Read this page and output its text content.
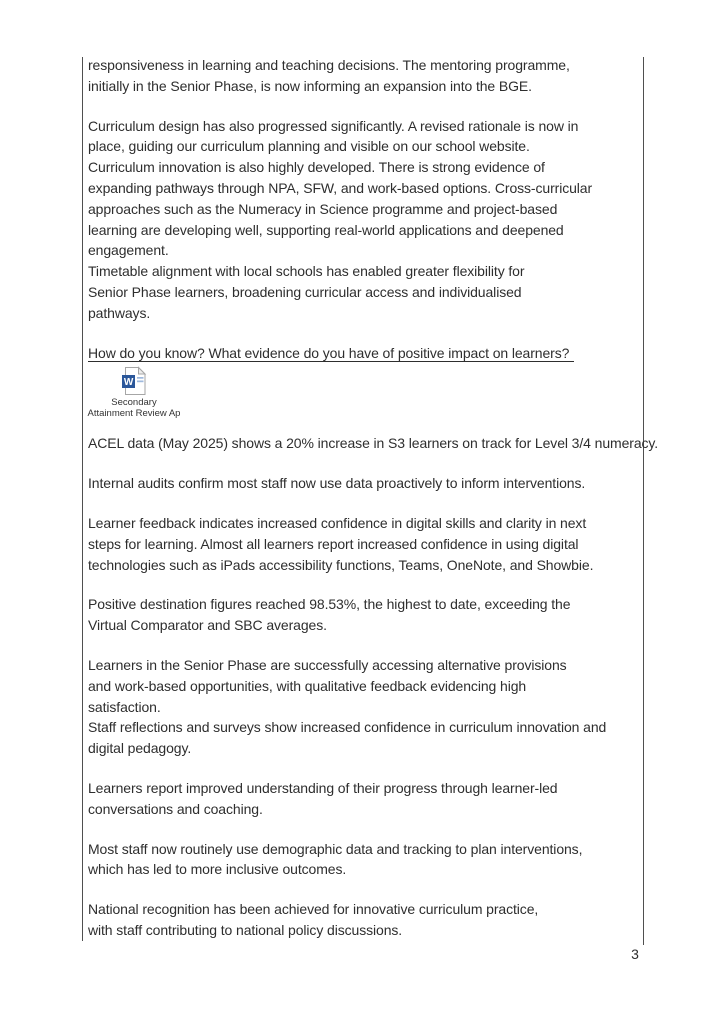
responsiveness in learning and teaching decisions. The mentoring programme,
initially in the Senior Phase, is now informing an expansion into the BGE.
Curriculum design has also progressed significantly. A revised rationale is now in
place, guiding our curriculum planning and visible on our school website.
Curriculum innovation is also highly developed. There is strong evidence of
expanding pathways through NPA, SFW, and work-based options. Cross-curricular
approaches such as the Numeracy in Science programme and project-based
learning are developing well, supporting real-world applications and deepened
engagement.
Timetable alignment with local schools has enabled greater flexibility for
Senior Phase learners, broadening curricular access and individualised
pathways.
How do you know? What evidence do you have of positive impact on learners?
W
Secondary
Attainment Review Ap
ACEL data (May 2025) shows a 20% increase in S3 learners on track for Level 3/4 numeracy.
Internal audits confirm most staff now use data proactively to inform interventions.
Learner feedback indicates increased confidence in digital skills and clarity in next
steps for learning. Almost all learners report increased confidence in using digital
technologies such as iPads accessibility functions, Teams, OneNote, and Showbie.
Positive destination figures reached 98.53%, the highest to date, exceeding the
Virtual Comparator and SBC averages.
Learners in the Senior Phase are successfully accessing alternative provisions
and work-based opportunities, with qualitative feedback evidencing high
satisfaction.
Staff reflections and surveys show increased confidence in curriculum innovation and
digital pedagogy.
Learners report improved understanding of their progress through learner-led
conversations and coaching.
Most staff now routinely use demographic data and tracking to plan interventions,
which has led to more inclusive outcomes.
National recognition has been achieved for innovative curriculum practice,
with staff contributing to national policy discussions.
3
